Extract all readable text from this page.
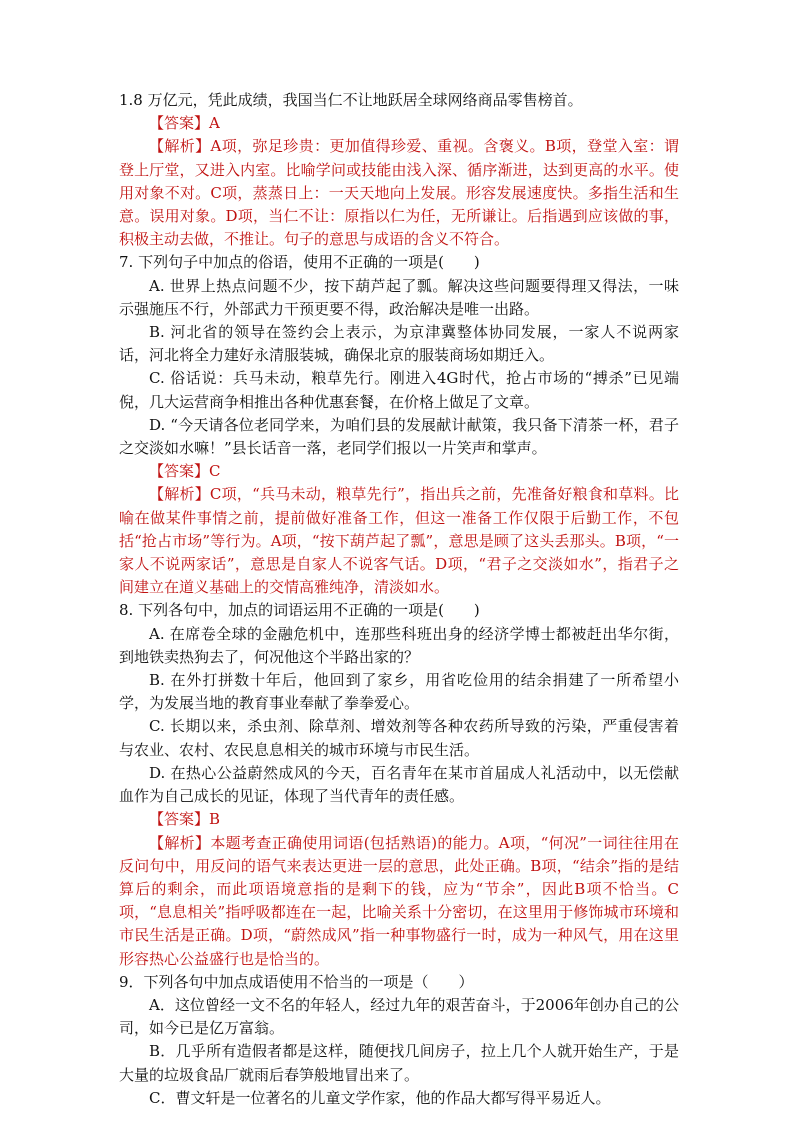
1.8 万亿元，凭此成绩，我国当仁不让地跃居全球网络商品零售榜首。

【答案】A

【解析】A项，弥足珍贵：更加值得珍爱、重视。含褒义。B项，登堂入室：谓登上厅堂，又进入内室。比喻学问或技能由浅入深、循序渐进，达到更高的水平。使用对象不对。C项，蒸蒸日上：一天天地向上发展。形容发展速度快。多指生活和生意。误用对象。D项，当仁不让：原指以仁为任，无所谦让。后指遇到应该做的事，积极主动去做，不推让。句子的意思与成语的含义不符合。

7. 下列句子中加点的俗语，使用不正确的一项是(　　)

A. 世界上热点问题不少，按下葫芦起了瓢。解决这些问题要得理又得法，一味示强施压不行，外部武力干预更要不得，政治解决是唯一出路。

B. 河北省的领导在签约会上表示，为京津冀整体协同发展，一家人不说两家话，河北将全力建好永清服装城，确保北京的服装商场如期迁入。

C. 俗话说：兵马未动，粮草先行。刚进入4G时代，抢占市场的“搏杀”已见端倪，几大运营商争相推出各种优惠套餐，在价格上做足了文章。

D. “今天请各位老同学来，为咱们县的发展献计献策，我只备下清茶一杯，君子之交淡如水嘛！”县长话音一落，老同学们报以一片笑声和掌声。

【答案】C

【解析】C项，“兵马未动，粮草先行”，指出兵之前，先准备好粮食和草料。比喻在做某件事情之前，提前做好准备工作，但这一准备工作仅限于后勤工作，不包括“抢占市场”等行为。A项，“按下葫芦起了瓢”，意思是顾了这头丢那头。B项，“一家人不说两家话”，意思是自家人不说客气话。D项，“君子之交淡如水”，指君子之间建立在道义基础上的交情高雅纯净，清淡如水。

8. 下列各句中，加点的词语运用不正确的一项是(　　)

A. 在席卷全球的金融危机中，连那些科班出身的经济学博士都被赶出华尔街，到地铁卖热狗去了，何况他这个半路出家的？

B. 在外打拼数十年后，他回到了家乡，用省吃俭用的结余捐建了一所希望小学，为发展当地的教育事业奉献了拳拳爱心。

C. 长期以来，杀虫剂、除草剂、增效剂等各种农药所导致的污染，严重侵害着与农业、农村、农民息息相关的城市环境与市民生活。

D. 在热心公益蔚然成风的今天，百名青年在某市首届成人礼活动中，以无偿献血作为自己成长的见证，体现了当代青年的责任感。

【答案】B

【解析】本题考查正确使用词语(包括熟语)的能力。A项，“何况”一词往往用在反问句中，用反问的语气来表达更进一层的意思，此处正确。B项，“结余”指的是结算后的剩余，而此项语境意指的是剩下的钱，应为“节余”，因此B项不恰当。C项，“息息相关”指呼吸都连在一起，比喻关系十分密切，在这里用于修饰城市环境和市民生活是正确。D项，“蔚然成风”指一种事物盛行一时，成为一种风气，用在这里形容热心公益盛行也是恰当的。

9．下列各句中加点成语使用不恰当的一项是（　　）

A．这位曾经一文不名的年轻人，经过九年的艰苦奋斗，于2006年创办自己的公司，如今已是亿万富翁。

B．几乎所有造假者都是这样，随便找几间房子，拉上几个人就开始生产，于是大量的垃圾食品厂就雨后春笋般地冒出来了。

C．曹文轩是一位著名的儿童文学作家，他的作品大都写得平易近人。
